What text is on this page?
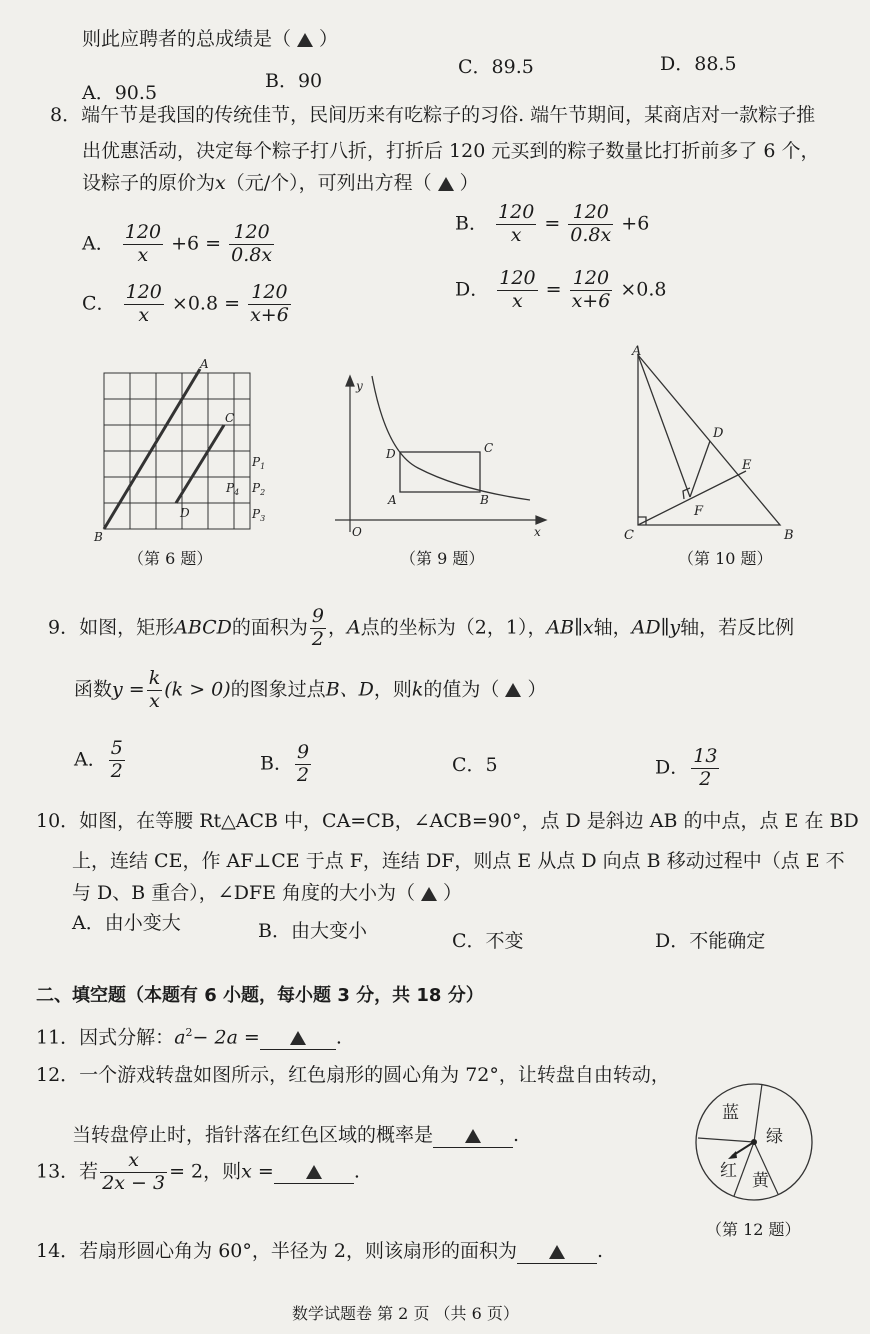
则此应聘者的总成绩是（ ）
A．90.5
B．90
C．89.5	D．88.5
8．端午节是我国的传统佳节，民间历来有吃粽子的习俗. 端午节期间，某商店对一款粽子推
出优惠活动，决定每个粽子打八折，打折后 120 元买到的粽子数量比打折前多了 6 个，
设粽子的原价为x（元/个），可列出方程（ ）
A． $\frac{120}{x} +6 = \frac{120}{0.8x}$	B． $\frac{120}{x} = \frac{120}{0.8x} +6$
C． $\frac{120}{x} \times 0.8 = \frac{120}{x+6}$	D． $\frac{120}{x} = \frac{120}{x+6} \times 0.8$
A
B
C
D
$P_1$
$P_2$
$P_3$
$P_4$
（第 6 题）
y
x
O
A	B
C
D
（第 9 题）
A
B
C
D
E
F
（第 10 题）
9．如图，矩形ABCD的面积为 $\frac{9}{2}$ ，A点的坐标为（2，1），AB∥x轴，AD∥y轴，若反比例
函数$y = \frac{k}{x} (k > 0)$的图象过点B、D，则k的值为（ ）
A． $\frac{5}{2}$	B． $\frac{9}{2}$	C．5	D． $\frac{13}{2}$
10．如图，在等腰 Rt△ACB 中，CA=CB，∠ACB=90°，点 D 是斜边 AB 的中点，点 E 在 BD
上，连结 CE，作 AF⊥CE 于点 F，连结 DF，则点 E 从点 D 向点 B 移动过程中（点 E 不
与 D、B 重合），∠DFE 角度的大小为（ ）
A．由小变大	B．由大变小	C．不变	D．不能确定
二、填空题（本题有 6 小题，每小题 3 分，共 18 分）
11．因式分解：$a^2- 2a$ =	.
12．一个游戏转盘如图所示，红色扇形的圆心角为 72°，让转盘自由转动，
当转盘停止时，指针落在红色区域的概率是	.
蓝
绿
红 黄
（第 12 题）
13．若 $\frac{x}{2x - 3} = 2$，则x =	.
14．若扇形圆心角为 60°，半径为 2，则该扇形的面积为	.
数学试题卷 第 2 页 （共 6 页）
